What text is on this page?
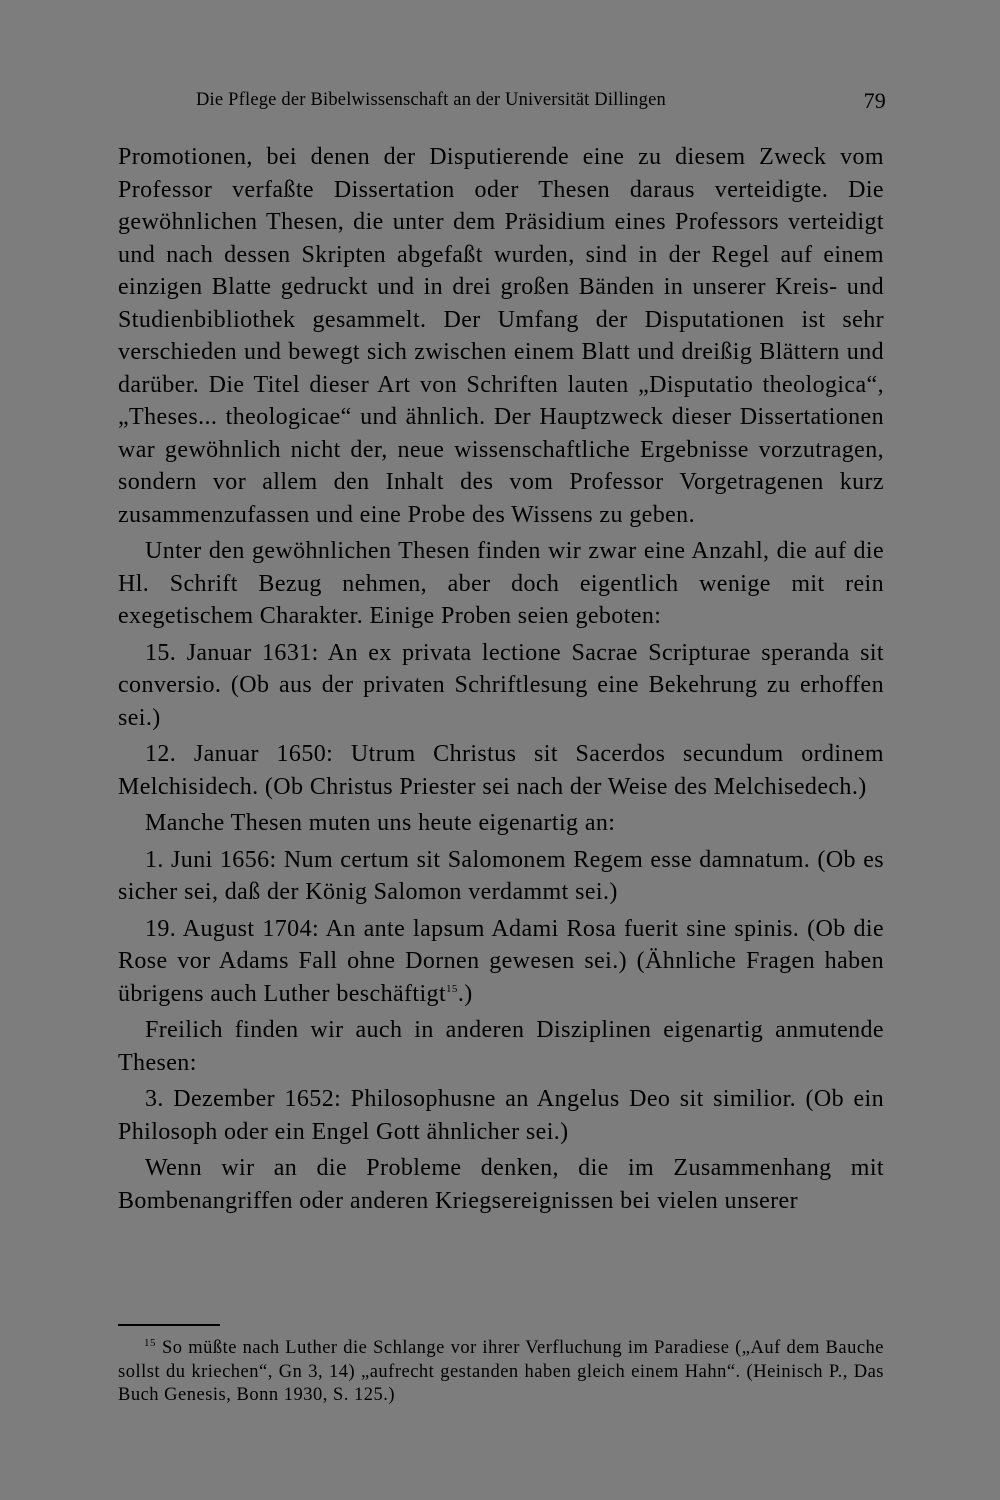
Die Pflege der Bibelwissenschaft an der Universität Dillingen	79

Promotionen, bei denen der Disputierende eine zu diesem Zweck vom Professor verfaßte Dissertation oder Thesen daraus verteidigte. Die gewöhnlichen Thesen, die unter dem Präsidium eines Professors verteidigt und nach dessen Skripten abgefaßt wurden, sind in der Regel auf einem einzigen Blatte gedruckt und in drei großen Bänden in unserer Kreis- und Studienbibliothek gesammelt. Der Umfang der Disputationen ist sehr verschieden und bewegt sich zwischen einem Blatt und dreißig Blättern und darüber. Die Titel dieser Art von Schriften lauten „Disputatio theologica“, „Theses... theologicae“ und ähnlich. Der Hauptzweck dieser Dissertationen war gewöhnlich nicht der, neue wissenschaftliche Ergebnisse vorzutragen, sondern vor allem den Inhalt des vom Professor Vorgetragenen kurz zusammenzufassen und eine Probe des Wissens zu geben.

Unter den gewöhnlichen Thesen finden wir zwar eine Anzahl, die auf die Hl. Schrift Bezug nehmen, aber doch eigentlich wenige mit rein exegetischem Charakter. Einige Proben seien geboten:

15. Januar 1631: An ex privata lectione Sacrae Scripturae speranda sit conversio. (Ob aus der privaten Schriftlesung eine Bekehrung zu erhoffen sei.)

12. Januar 1650: Utrum Christus sit Sacerdos secundum ordinem Melchisidech. (Ob Christus Priester sei nach der Weise des Melchisedech.)

Manche Thesen muten uns heute eigenartig an:

1. Juni 1656: Num certum sit Salomonem Regem esse damnatum. (Ob es sicher sei, daß der König Salomon verdammt sei.)

19. August 1704: An ante lapsum Adami Rosa fuerit sine spinis. (Ob die Rose vor Adams Fall ohne Dornen gewesen sei.) (Ähnliche Fragen haben übrigens auch Luther beschäftigt$^{15}$.)

Freilich finden wir auch in anderen Disziplinen eigenartig anmutende Thesen:

3. Dezember 1652: Philosophusne an Angelus Deo sit similior. (Ob ein Philosoph oder ein Engel Gott ähnlicher sei.)

Wenn wir an die Probleme denken, die im Zusammenhang mit Bombenangriffen oder anderen Kriegsereignissen bei vielen unserer

$^{15}$ So müßte nach Luther die Schlange vor ihrer Verfluchung im Paradiese („Auf dem Bauche sollst du kriechen“, Gn 3, 14) „aufrecht gestanden haben gleich einem Hahn“. (Heinisch P., Das Buch Genesis, Bonn 1930, S. 125.)
